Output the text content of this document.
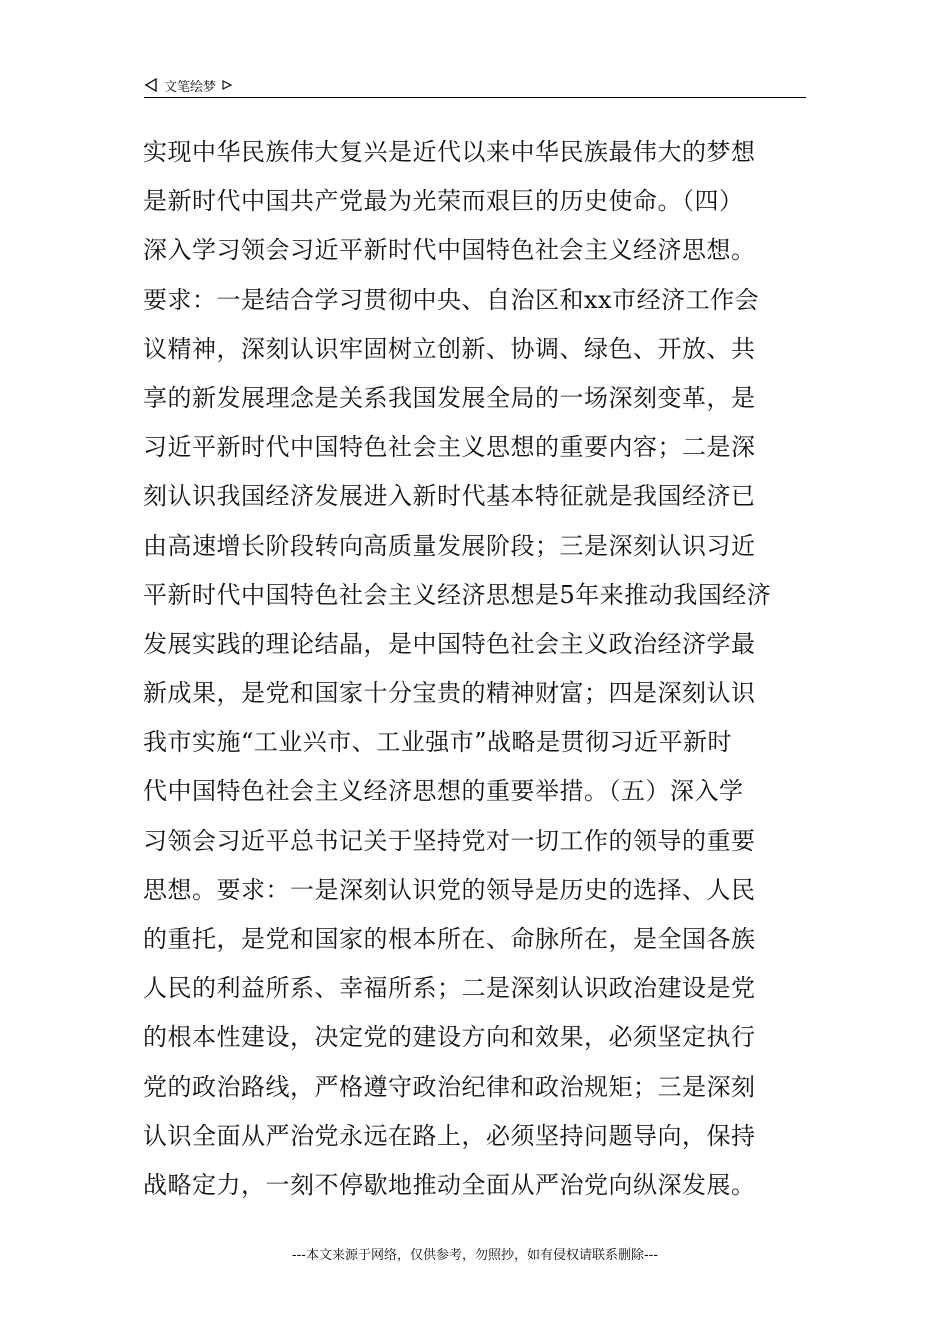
文笔绘梦
实现中华民族伟大复兴是近代以来中华民族最伟大的梦想
是新时代中国共产党最为光荣而艰巨的历史使命。（四）
深入学习领会习近平新时代中国特色社会主义经济思想。
要求：一是结合学习贯彻中央、自治区和xx市经济工作会
议精神，深刻认识牢固树立创新、协调、绿色、开放、共
享的新发展理念是关系我国发展全局的一场深刻变革，是
习近平新时代中国特色社会主义思想的重要内容；二是深
刻认识我国经济发展进入新时代基本特征就是我国经济已
由高速增长阶段转向高质量发展阶段；三是深刻认识习近
平新时代中国特色社会主义经济思想是5年来推动我国经济
发展实践的理论结晶，是中国特色社会主义政治经济学最
新成果，是党和国家十分宝贵的精神财富；四是深刻认识
我市实施“工业兴市、工业强市”战略是贯彻习近平新时
代中国特色社会主义经济思想的重要举措。（五）深入学
习领会习近平总书记关于坚持党对一切工作的领导的重要
思想。要求：一是深刻认识党的领导是历史的选择、人民
的重托，是党和国家的根本所在、命脉所在，是全国各族
人民的利益所系、幸福所系；二是深刻认识政治建设是党
的根本性建设，决定党的建设方向和效果，必须坚定执行
党的政治路线，严格遵守政治纪律和政治规矩；三是深刻
认识全面从严治党永远在路上，必须坚持问题导向，保持
战略定力，一刻不停歇地推动全面从严治党向纵深发展。
---本文来源于网络，仅供参考，勿照抄，如有侵权请联系删除---
